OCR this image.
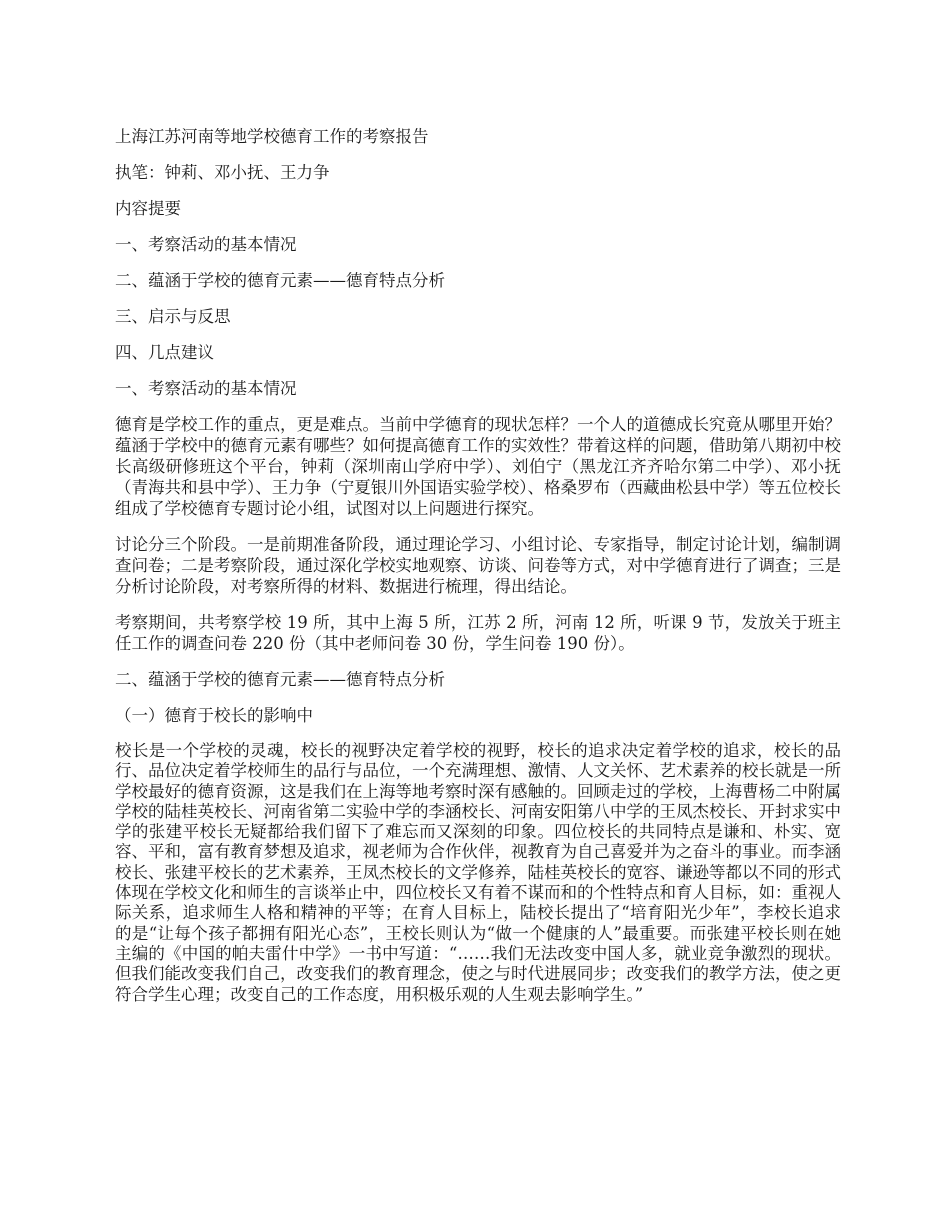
上海江苏河南等地学校德育工作的考察报告
执笔：钟莉、邓小抚、王力争
内容提要
一、考察活动的基本情况
二、蕴涵于学校的德育元素——德育特点分析
三、启示与反思
四、几点建议
一、考察活动的基本情况
德育是学校工作的重点，更是难点。当前中学德育的现状怎样？一个人的道德成长究竟从哪里开始？蕴涵于学校中的德育元素有哪些？如何提高德育工作的实效性？带着这样的问题，借助第八期初中校长高级研修班这个平台，钟莉（深圳南山学府中学）、刘伯宁（黑龙江齐齐哈尔第二中学）、邓小抚（青海共和县中学）、王力争（宁夏银川外国语实验学校）、格桑罗布（西藏曲松县中学）等五位校长组成了学校德育专题讨论小组，试图对以上问题进行探究。
讨论分三个阶段。一是前期准备阶段，通过理论学习、小组讨论、专家指导，制定讨论计划，编制调查问卷；二是考察阶段，通过深化学校实地观察、访谈、问卷等方式，对中学德育进行了调查；三是分析讨论阶段，对考察所得的材料、数据进行梳理，得出结论。
考察期间，共考察学校 19 所，其中上海 5 所，江苏 2 所，河南 12 所，听课 9 节，发放关于班主任工作的调查问卷 220 份（其中老师问卷 30 份，学生问卷 190 份）。
二、蕴涵于学校的德育元素——德育特点分析
（一）德育于校长的影响中
校长是一个学校的灵魂，校长的视野决定着学校的视野，校长的追求决定着学校的追求，校长的品行、品位决定着学校师生的品行与品位，一个充满理想、激情、人文关怀、艺术素养的校长就是一所学校最好的德育资源，这是我们在上海等地考察时深有感触的。回顾走过的学校，上海曹杨二中附属学校的陆桂英校长、河南省第二实验中学的李涵校长、河南安阳第八中学的王凤杰校长、开封求实中学的张建平校长无疑都给我们留下了难忘而又深刻的印象。四位校长的共同特点是谦和、朴实、宽容、平和，富有教育梦想及追求，视老师为合作伙伴，视教育为自己喜爱并为之奋斗的事业。而李涵校长、张建平校长的艺术素养，王凤杰校长的文学修养，陆桂英校长的宽容、谦逊等都以不同的形式体现在学校文化和师生的言谈举止中，四位校长又有着不谋而和的个性特点和育人目标，如：重视人际关系，追求师生人格和精神的平等；在育人目标上，陆校长提出了“培育阳光少年”，李校长追求的是“让每个孩子都拥有阳光心态”，王校长则认为“做一个健康的人”最重要。而张建平校长则在她主编的《中国的帕夫雷什中学》一书中写道：“……我们无法改变中国人多，就业竞争激烈的现状。但我们能改变我们自己，改变我们的教育理念，使之与时代进展同步；改变我们的教学方法，使之更符合学生心理；改变自己的工作态度，用积极乐观的人生观去影响学生。”
